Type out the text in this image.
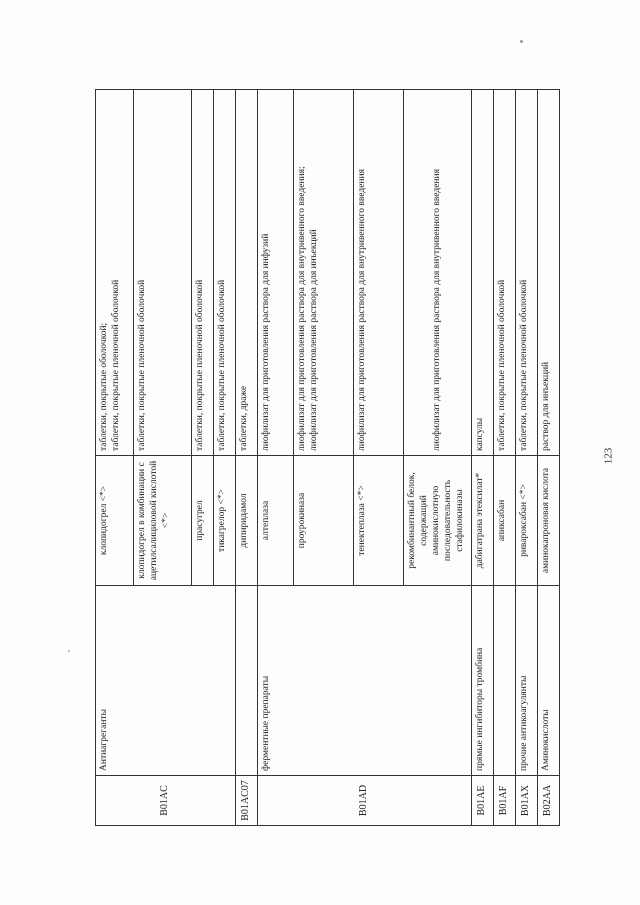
B01AC	Антиагреганты	клопидогрел <*>	таблетки, покрытые оболочкой;
таблетки, покрытые пленочной оболочкой
		клопидогрел в комбинации с ацетилсалициловой кислотой <*>	таблетки, покрытые пленочной оболочкой
		прасугрел	таблетки, покрытые пленочной оболочкой
		тикагрелор <*>	таблетки, покрытые пленочной оболочкой
B01AC07		дипиридамол	таблетки, драже
B01AD	ферментные препараты	алтеплаза	лиофилизат для приготовления раствора для инфузий
		проурокиназа	лиофилизат для приготовления раствора для внутривенного введения;
лиофилизат для приготовления раствора для инъекций
		тенектеплаза <*>	лиофилизат для приготовления раствора для внутривенного введения
		рекомбинантный белок, содержащий аминокислотную последовательность стафилокиназы	лиофилизат для приготовления раствора для внутривенного введения
B01AE	прямые ингибиторы тромбина	дабигатрана этексилат*	капсулы
B01AF		апиксабан	таблетки, покрытые пленочной оболочкой
B01AX	прочие антикоагулянты	ривароксабан <*>	таблетки, покрытые пленочной оболочкой
B02AA	Аминокислоты	аминокапроновая кислота	раствор для инъекций
123
